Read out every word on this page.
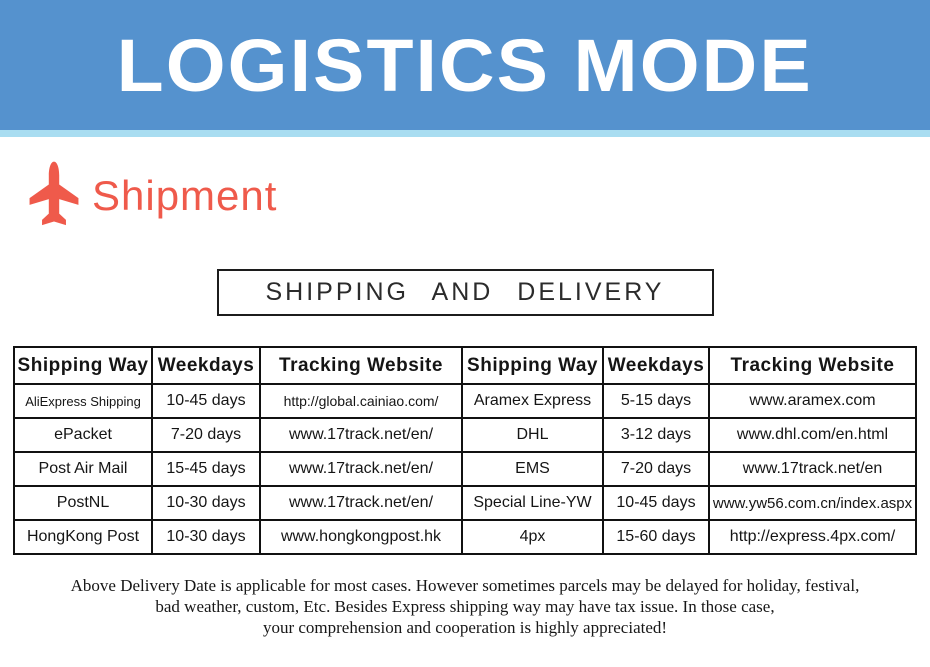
LOGISTICS MODE
Shipment
SHIPPING AND DELIVERY
Shipping Way	Weekdays	Tracking Website	Shipping Way	Weekdays	Tracking Website
AliExpress Shipping	10-45 days	http://global.cainiao.com/	Aramex Express	5-15 days	www.aramex.com
ePacket	7-20 days	www.17track.net/en/	DHL	3-12 days	www.dhl.com/en.html
Post Air Mail	15-45 days	www.17track.net/en/	EMS	7-20 days	www.17track.net/en
PostNL	10-30 days	www.17track.net/en/	Special Line-YW	10-45 days	www.yw56.com.cn/index.aspx
HongKong Post	10-30 days	www.hongkongpost.hk	4px	15-60 days	http://express.4px.com/
Above Delivery Date is applicable for most cases. However sometimes parcels may be delayed for holiday, festival,
bad weather, custom, Etc. Besides Express shipping way may have tax issue. In those case,
your comprehension and cooperation is highly appreciated!
